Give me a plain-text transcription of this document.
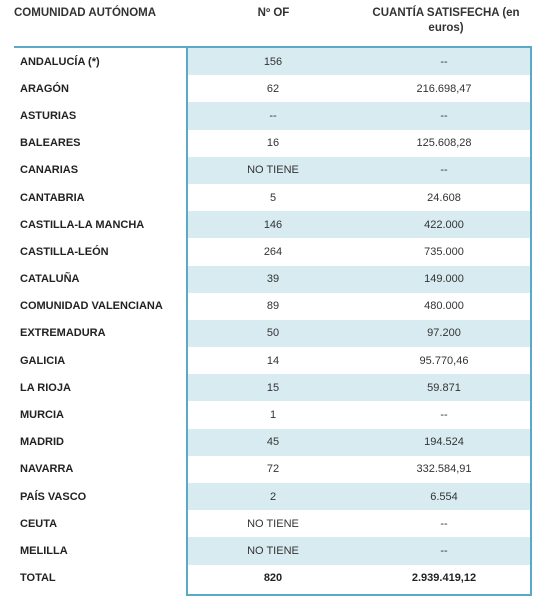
COMUNIDAD AUTÓNOMA	Nº OF	CUANTÍA SATISFECHA (en
euros)
ANDALUCÍA (*)	156	--
ARAGÓN	62	216.698,47
ASTURIAS	--	--
BALEARES	16	125.608,28
CANARIAS	NO TIENE	--
CANTABRIA	5	24.608
CASTILLA-LA MANCHA	146	422.000
CASTILLA-LEÓN	264	735.000
CATALUÑA	39	149.000
COMUNIDAD VALENCIANA	89	480.000
EXTREMADURA	50	97.200
GALICIA	14	95.770,46
LA RIOJA	15	59.871
MURCIA	1	--
MADRID	45	194.524
NAVARRA	72	332.584,91
PAÍS VASCO	2	6.554
CEUTA	NO TIENE	--
MELILLA	NO TIENE	--
TOTAL	820	2.939.419,12
